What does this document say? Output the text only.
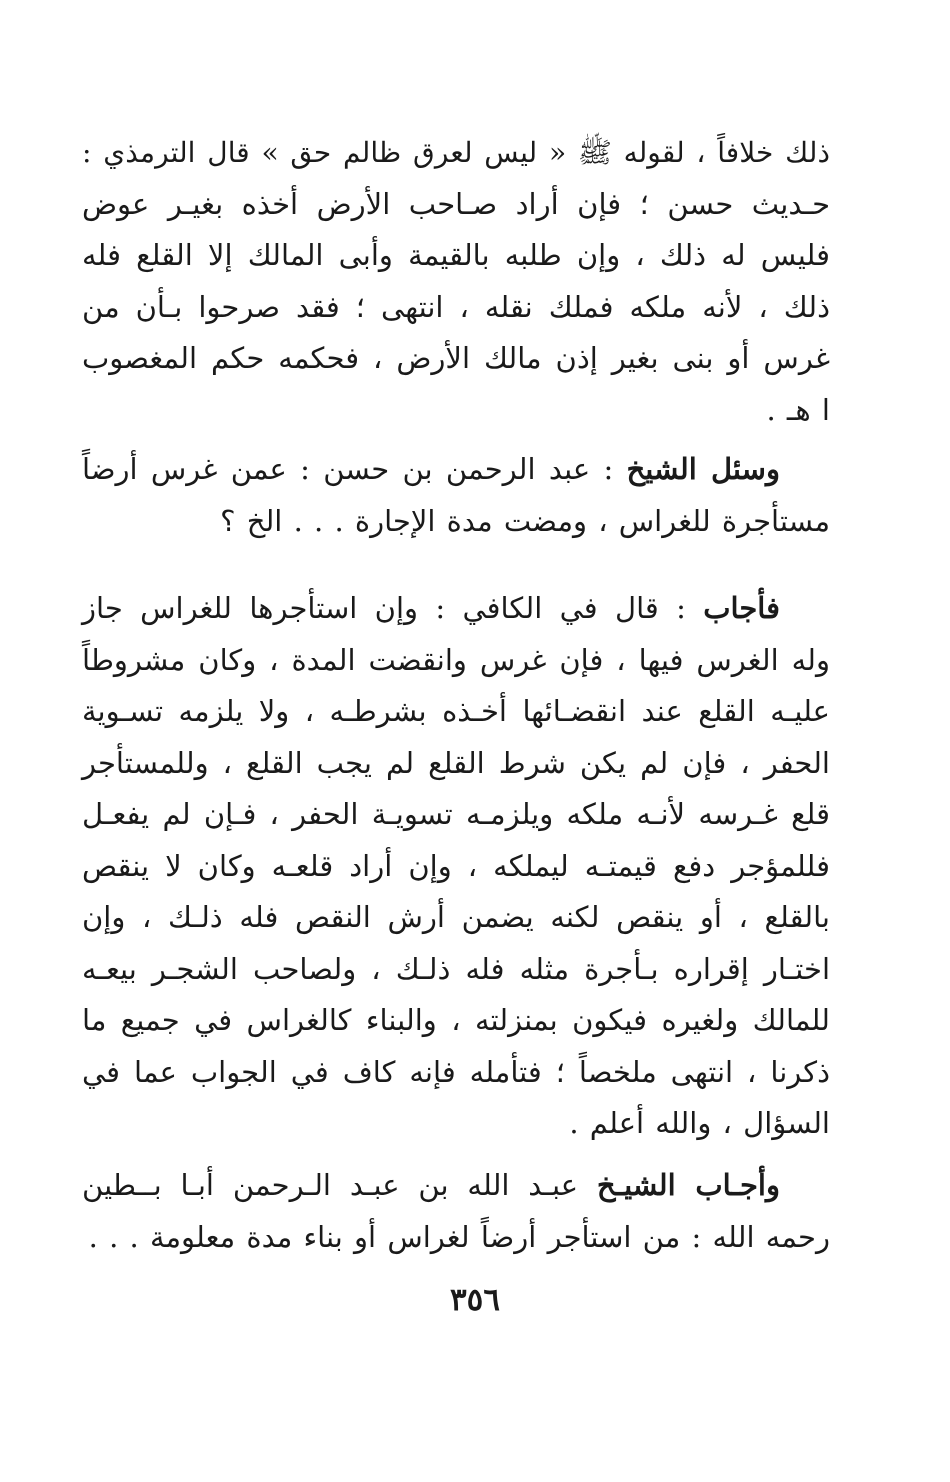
ذلك خلافاً ، لقوله ﷺ « ليس لعرق ظالم حق » قال الترمذي :
حـديث حسن ؛ فإن أراد صـاحب الأرض أخذه بغيـر عوض
فليس له ذلك ، وإن طلبه بالقيمة وأبى المالك إلا القلع فله
ذلك ، لأنه ملكه فملك نقله ، انتهى ؛ فقد صرحوا بـأن من
غرس أو بنى بغير إذن مالك الأرض ، فحكمه حكم المغصوب
ا هـ .
وسئل الشيخ : عبد الرحمن بن حسن : عمن غرس أرضاً
مستأجرة للغراس ، ومضت مدة الإجارة . . . الخ ؟
فأجاب : قال في الكافي : وإن استأجرها للغراس جاز
وله الغرس فيها ، فإن غرس وانقضت المدة ، وكان مشروطاً
عليـه القلع عند انقضـائها أخـذه بشرطـه ، ولا يلزمه تسـوية
الحفر ، فإن لم يكن شرط القلع لم يجب القلع ، وللمستأجر
قلع غـرسه لأنـه ملكه ويلزمـه تسويـة الحفر ، فـإن لم يفعـل
فللمؤجر دفع قيمتـه ليملكه ، وإن أراد قلعـه وكان لا ينقص
بالقلع ، أو ينقص لكنه يضمن أرش النقص فله ذلـك ، وإن
اختـار إقراره بـأجرة مثله فله ذلـك ، ولصاحب الشجـر بيعـه
للمالك ولغيره فيكون بمنزلته ، والبناء كالغراس في جميع ما
ذكرنا ، انتهى ملخصاً ؛ فتأمله فإنه كاف في الجواب عما في
السؤال ، والله أعلم .
وأجـاب الشيـخ عبـد الله بن عبـد الـرحمن أبـا بــطين
رحمه الله : من استأجر أرضاً لغراس أو بناء مدة معلومة . . .
٣٥٦
